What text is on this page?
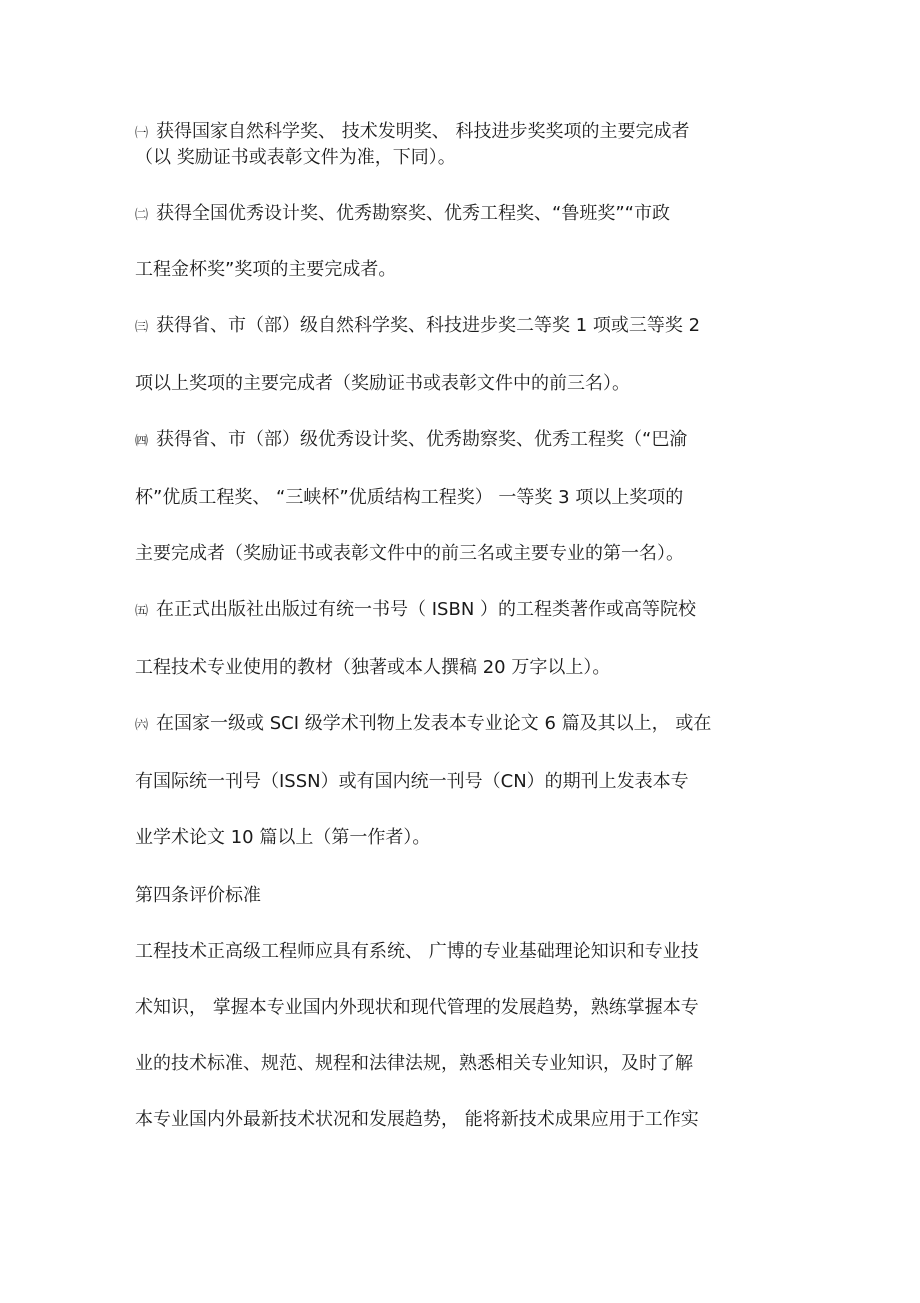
㈠ 获得国家自然科学奖、 技术发明奖、 科技进步奖奖项的主要完成者
（以 奖励证书或表彰文件为准，下同）。
㈡ 获得全国优秀设计奖、优秀勘察奖、优秀工程奖、“鲁班奖”“市政
工程金杯奖”奖项的主要完成者。
㈢ 获得省、市（部）级自然科学奖、科技进步奖二等奖 1 项或三等奖 2
项以上奖项的主要完成者（奖励证书或表彰文件中的前三名）。
㈣ 获得省、市（部）级优秀设计奖、优秀勘察奖、优秀工程奖（“巴渝
杯”优质工程奖、 “三峡杯”优质结构工程奖） 一等奖 3 项以上奖项的
主要完成者（奖励证书或表彰文件中的前三名或主要专业的第一名）。
㈤ 在正式出版社出版过有统一书号（ ISBN ）的工程类著作或高等院校
工程技术专业使用的教材（独著或本人撰稿 20 万字以上）。
㈥ 在国家一级或 SCI 级学术刊物上发表本专业论文 6 篇及其以上， 或在
有国际统一刊号（ISSN）或有国内统一刊号（CN）的期刊上发表本专
业学术论文 10 篇以上（第一作者）。
第四条评价标准
工程技术正高级工程师应具有系统、 广博的专业基础理论知识和专业技
术知识， 掌握本专业国内外现状和现代管理的发展趋势，熟练掌握本专
业的技术标准、规范、规程和法律法规，熟悉相关专业知识，及时了解
本专业国内外最新技术状况和发展趋势， 能将新技术成果应用于工作实
